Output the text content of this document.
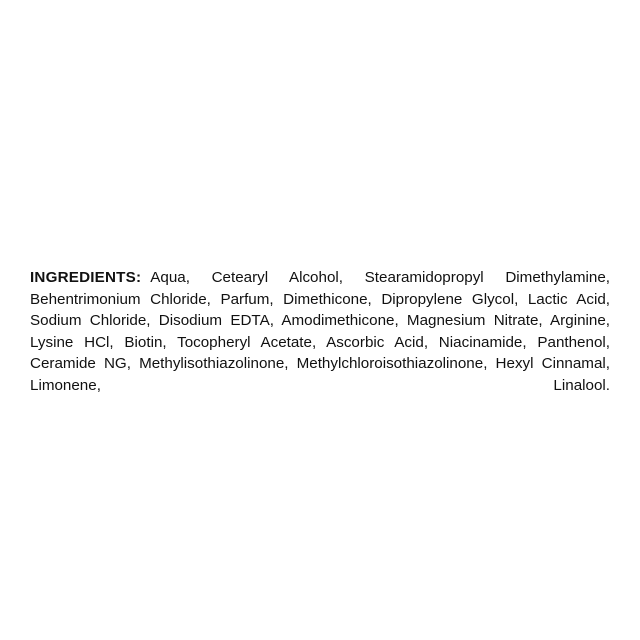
INGREDIENTS: Aqua, Cetearyl Alcohol, Stearamidopropyl Dimethylamine, Behentrimonium Chloride, Parfum, Dimethicone, Dipropylene Glycol, Lactic Acid, Sodium Chloride, Disodium EDTA, Amodimethicone, Magnesium Nitrate, Arginine, Lysine HCl, Biotin, Tocopheryl Acetate, Ascorbic Acid, Niacinamide, Panthenol, Ceramide NG, Methylisothiazolinone, Methylchloroisothiazolinone, Hexyl Cinnamal, Limonene, Linalool.
